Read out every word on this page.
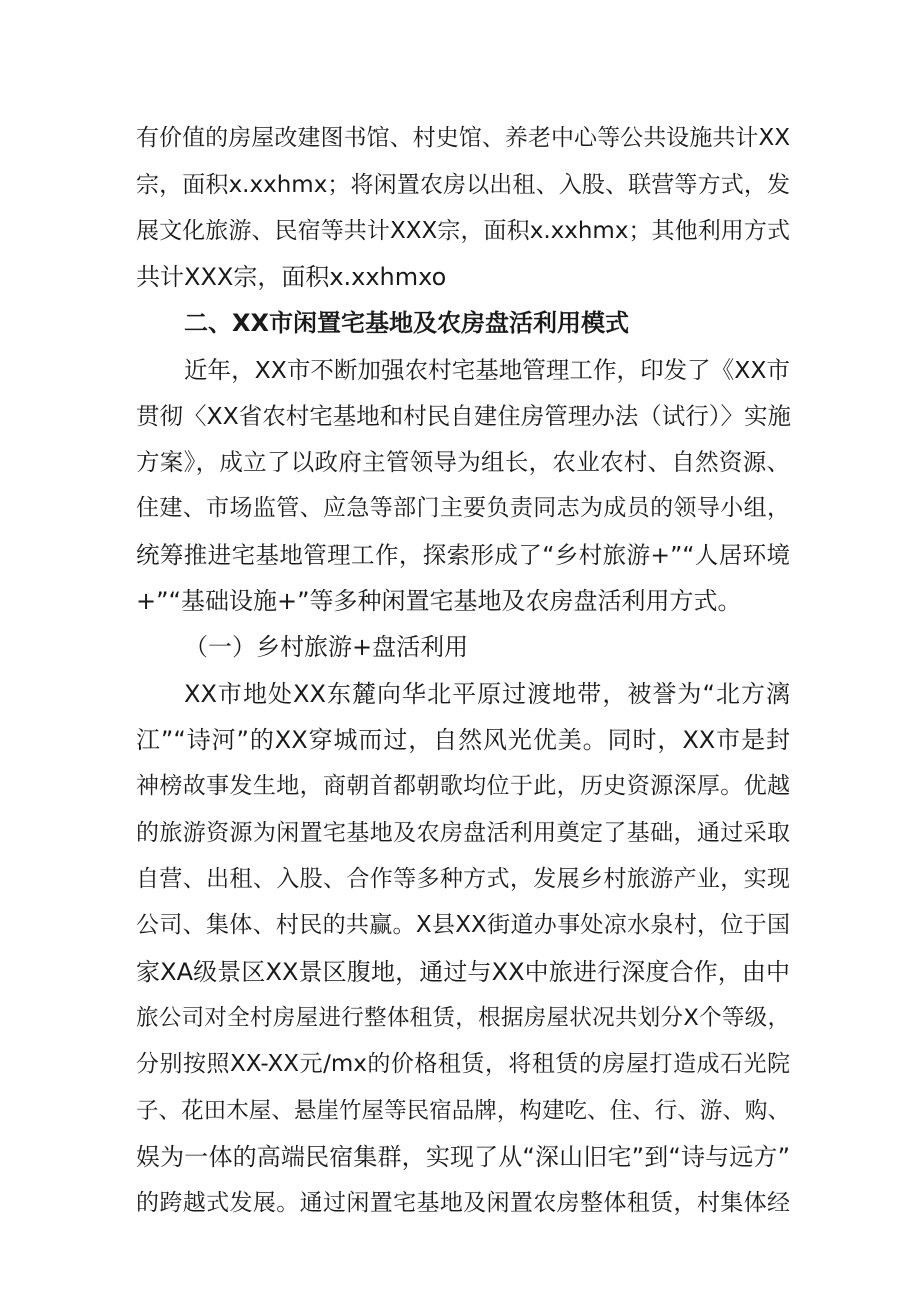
有价值的房屋改建图书馆、村史馆、养老中心等公共设施共计XX
宗，面积x.xxhmx；将闲置农房以出租、入股、联营等方式，发
展文化旅游、民宿等共计XXX宗，面积x.xxhmx；其他利用方式
共计XXX宗，面积x.xxhmxo
二、XX市闲置宅基地及农房盘活利用模式
近年，XX市不断加强农村宅基地管理工作，印发了《XX市
贯彻〈XX省农村宅基地和村民自建住房管理办法（试行）〉实施
方案》，成立了以政府主管领导为组长，农业农村、自然资源、
住建、市场监管、应急等部门主要负责同志为成员的领导小组，
统筹推进宅基地管理工作，探索形成了“乡村旅游+”“人居环境
+”“基础设施+”等多种闲置宅基地及农房盘活利用方式。
（一）乡村旅游+盘活利用
XX市地处XX东麓向华北平原过渡地带，被誉为“北方漓
江”“诗河”的XX穿城而过，自然风光优美。同时，XX市是封
神榜故事发生地，商朝首都朝歌均位于此，历史资源深厚。优越
的旅游资源为闲置宅基地及农房盘活利用奠定了基础，通过采取
自营、出租、入股、合作等多种方式，发展乡村旅游产业，实现
公司、集体、村民的共赢。X县XX街道办事处凉水泉村，位于国
家XA级景区XX景区腹地，通过与XX中旅进行深度合作，由中
旅公司对全村房屋进行整体租赁，根据房屋状况共划分X个等级，
分别按照XX-XX元∕mx的价格租赁，将租赁的房屋打造成石光院
子、花田木屋、悬崖竹屋等民宿品牌，构建吃、住、行、游、购、
娱为一体的高端民宿集群，实现了从“深山旧宅”到“诗与远方”
的跨越式发展。通过闲置宅基地及闲置农房整体租赁，村集体经
